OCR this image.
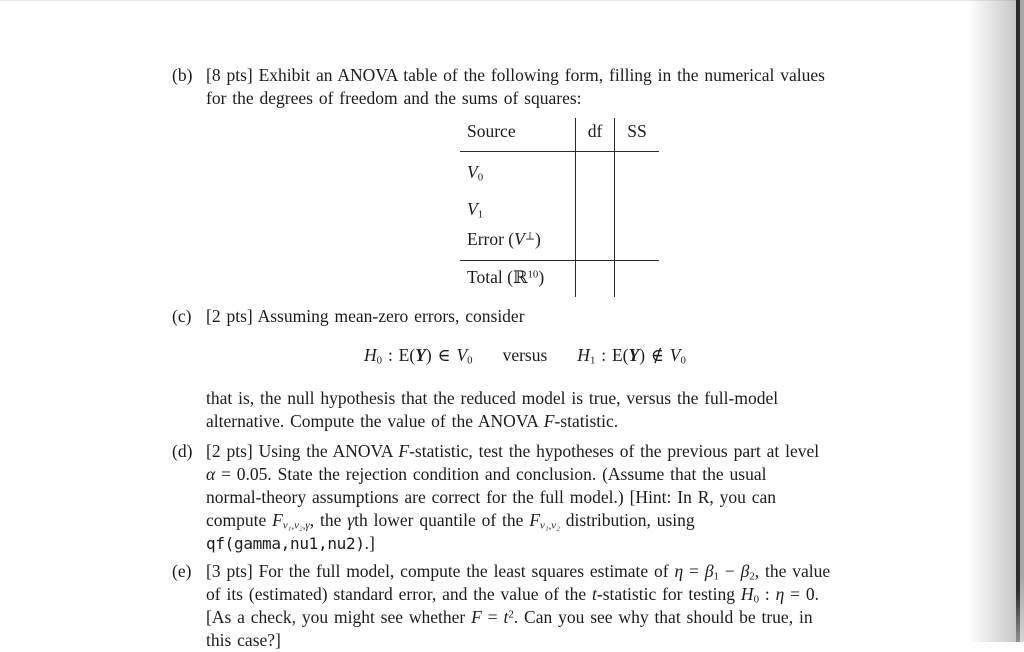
(b) [8 pts] Exhibit an ANOVA table of the following form, filling in the numerical values
for the degrees of freedom and the sums of squares:
Source	df	SS
V0		
V1		
Error (V⊥)		
Total (ℝ$^{10}$)		
(c) [2 pts] Assuming mean-zero errors, consider
H0 : E(Y) ∈ V0 versus H1 : E(Y) ∉ V0
that is, the null hypothesis that the reduced model is true, versus the full-model
alternative. Compute the value of the ANOVA F-statistic.
(d) [2 pts] Using the ANOVA F-statistic, test the hypotheses of the previous part at level
α = 0.05. State the rejection condition and conclusion. (Assume that the usual
normal-theory assumptions are correct for the full model.) [Hint: In R, you can
compute Fν₁,ν₂,γ, the γth lower quantile of the Fν₁,ν₂ distribution, using
qf(gamma,nu1,nu2).]
(e) [3 pts] For the full model, compute the least squares estimate of η = β1 − β2, the value
of its (estimated) standard error, and the value of the t-statistic for testing H0 : η = 0.
[As a check, you might see whether $F = t^2$. Can you see why that should be true, in
this case?]
